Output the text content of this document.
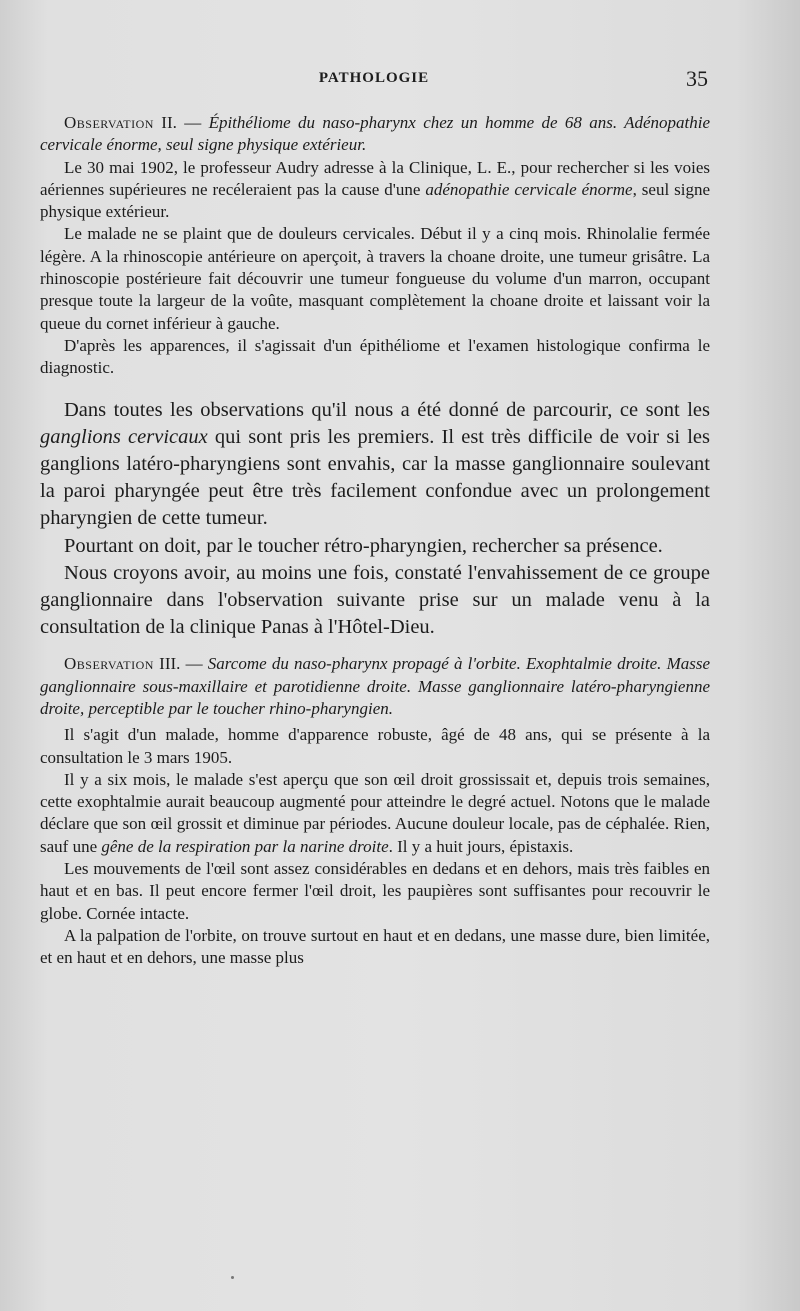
PATHOLOGIE	35

Observation II. — Épithéliome du naso-pharynx chez un homme de 68 ans. Adénopathie cervicale énorme, seul signe physique extérieur.

Le 30 mai 1902, le professeur Audry adresse à la Clinique, L. E., pour rechercher si les voies aériennes supérieures ne recéleraient pas la cause d'une adénopathie cervicale énorme, seul signe physique extérieur.

Le malade ne se plaint que de douleurs cervicales. Début il y a cinq mois. Rhinolalie fermée légère. A la rhinoscopie antérieure on aperçoit, à travers la choane droite, une tumeur grisâtre. La rhinoscopie postérieure fait découvrir une tumeur fongueuse du volume d'un marron, occupant presque toute la largeur de la voûte, masquant complètement la choane droite et laissant voir la queue du cornet inférieur à gauche.

D'après les apparences, il s'agissait d'un épithéliome et l'examen histologique confirma le diagnostic.

Dans toutes les observations qu'il nous a été donné de parcourir, ce sont les ganglions cervicaux qui sont pris les premiers. Il est très difficile de voir si les ganglions latéro-pharyngiens sont envahis, car la masse ganglionnaire soulevant la paroi pharyngée peut être très facilement confondue avec un prolongement pharyngien de cette tumeur.

Pourtant on doit, par le toucher rétro-pharyngien, rechercher sa présence.

Nous croyons avoir, au moins une fois, constaté l'envahissement de ce groupe ganglionnaire dans l'observation suivante prise sur un malade venu à la consultation de la clinique Panas à l'Hôtel-Dieu.

Observation III. — Sarcome du naso-pharynx propagé à l'orbite. Exophtalmie droite. Masse ganglionnaire sous-maxillaire et parotidienne droite. Masse ganglionnaire latéro-pharyngienne droite, perceptible par le toucher rhino-pharyngien.

Il s'agit d'un malade, homme d'apparence robuste, âgé de 48 ans, qui se présente à la consultation le 3 mars 1905.

Il y a six mois, le malade s'est aperçu que son œil droit grossissait et, depuis trois semaines, cette exophtalmie aurait beaucoup augmenté pour atteindre le degré actuel. Notons que le malade déclare que son œil grossit et diminue par périodes. Aucune douleur locale, pas de céphalée. Rien, sauf une gêne de la respiration par la narine droite. Il y a huit jours, épistaxis.

Les mouvements de l'œil sont assez considérables en dedans et en dehors, mais très faibles en haut et en bas. Il peut encore fermer l'œil droit, les paupières sont suffisantes pour recouvrir le globe. Cornée intacte.

A la palpation de l'orbite, on trouve surtout en haut et en dedans, une masse dure, bien limitée, et en haut et en dehors, une masse plus
